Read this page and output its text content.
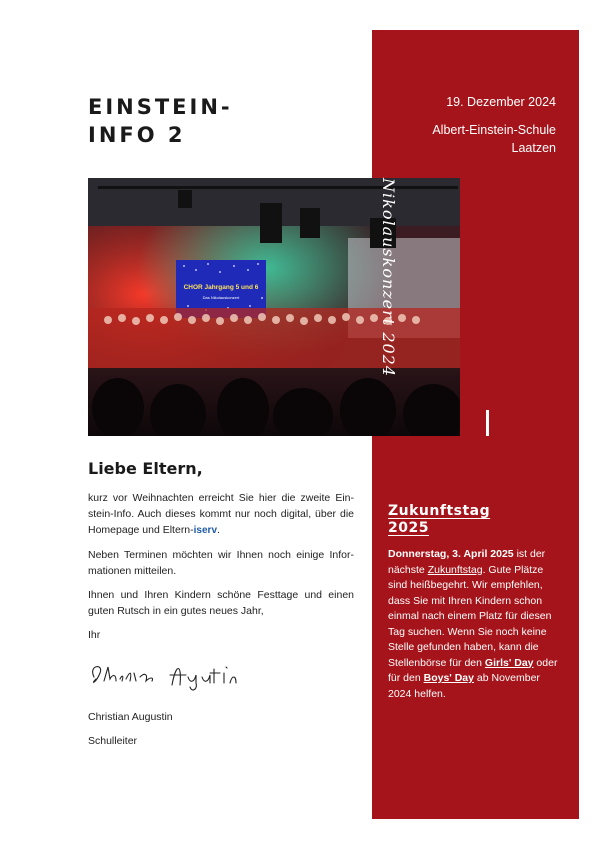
EINSTEIN-
INFO 2
19. Dezember 2024
Albert-Einstein-Schule
Laatzen
CHOR Jahrgang 5 und 6
Das Nikolauskonzert	Nikolauskonzert 2024
Liebe Eltern,

kurz vor Weihnachten erreicht Sie hier die zweite Ein-stein-Info. Auch dieses kommt nur noch digital, über die Homepage und Eltern-iserv.

Neben Terminen möchten wir Ihnen noch einige Infor-mationen mitteilen.

Ihnen und Ihren Kindern schöne Festtage und einen guten Rutsch in ein gutes neues Jahr,

Ihr

Christian Augustin

Schulleiter

Zukunftstag
2025

Donnerstag, 3. April 2025 ist der nächste Zukunftstag. Gute Plätze sind heißbegehrt. Wir empfehlen, dass Sie mit Ihren Kindern schon einmal nach einem Platz für diesen Tag suchen. Wenn Sie noch keine Stelle gefunden haben, kann die Stellenbörse für den Girls' Day oder für den Boys' Day ab November 2024 helfen.
